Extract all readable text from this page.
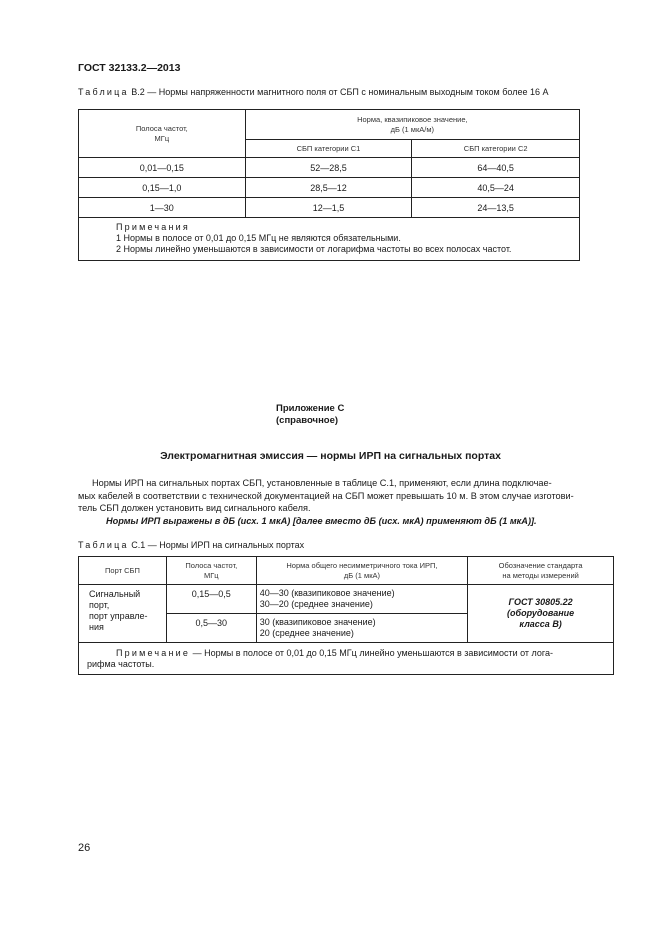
ГОСТ 32133.2—2013
Таблица В.2 — Нормы напряженности магнитного поля от СБП с номинальным выходным током более 16 А
Полоса частот,
МГц	Норма, квазипиковое значение,
дБ (1 мкА/м)	

	СБП категории С1	СБП категории С2
0,01—0,15	52—28,5	64—40,5
0,15—1,0	28,5—12	40,5—24
1—30	12—1,5	24—13,5

Примечания
1 Нормы в полосе от 0,01 до 0,15 МГц не являются обязательными.
2 Нормы линейно уменьшаются в зависимости от логарифма частоты во всех полосах частот.		
Приложение С
(справочное)
Электромагнитная эмиссия — нормы ИРП на сигнальных портах
Нормы ИРП на сигнальных портах СБП, установленные в таблице С.1, применяют, если длина подключае-
мых кабелей в соответствии с технической документацией на СБП может превышать 10 м. В этом случае изготови-
тель СБП должен установить вид сигнального кабеля.
Нормы ИРП выражены в дБ (исх. 1 мкА) [далее вместо дБ (исх. мкА) применяют дБ (1 мкА)].
Таблица С.1 — Нормы ИРП на сигнальных портах
Порт СБП	Полоса частот,
МГц	Норма общего несимметричного тока ИРП,
дБ (1 мкА)	Обозначение стандарта
на методы измерений

Сигнальный
порт,
порт управле-
ния	0,15—0,5	40—30 (квазипиковое значение)
30—20 (среднее значение)	ГОСТ 30805.22
(оборудование
класса В)

	0,5—30	30 (квазипиковое значение)
20 (среднее значение)	

Примечание — Нормы в полосе от 0,01 до 0,15 МГц линейно уменьшаются в зависимости от лога-
рифма частоты.			
26
